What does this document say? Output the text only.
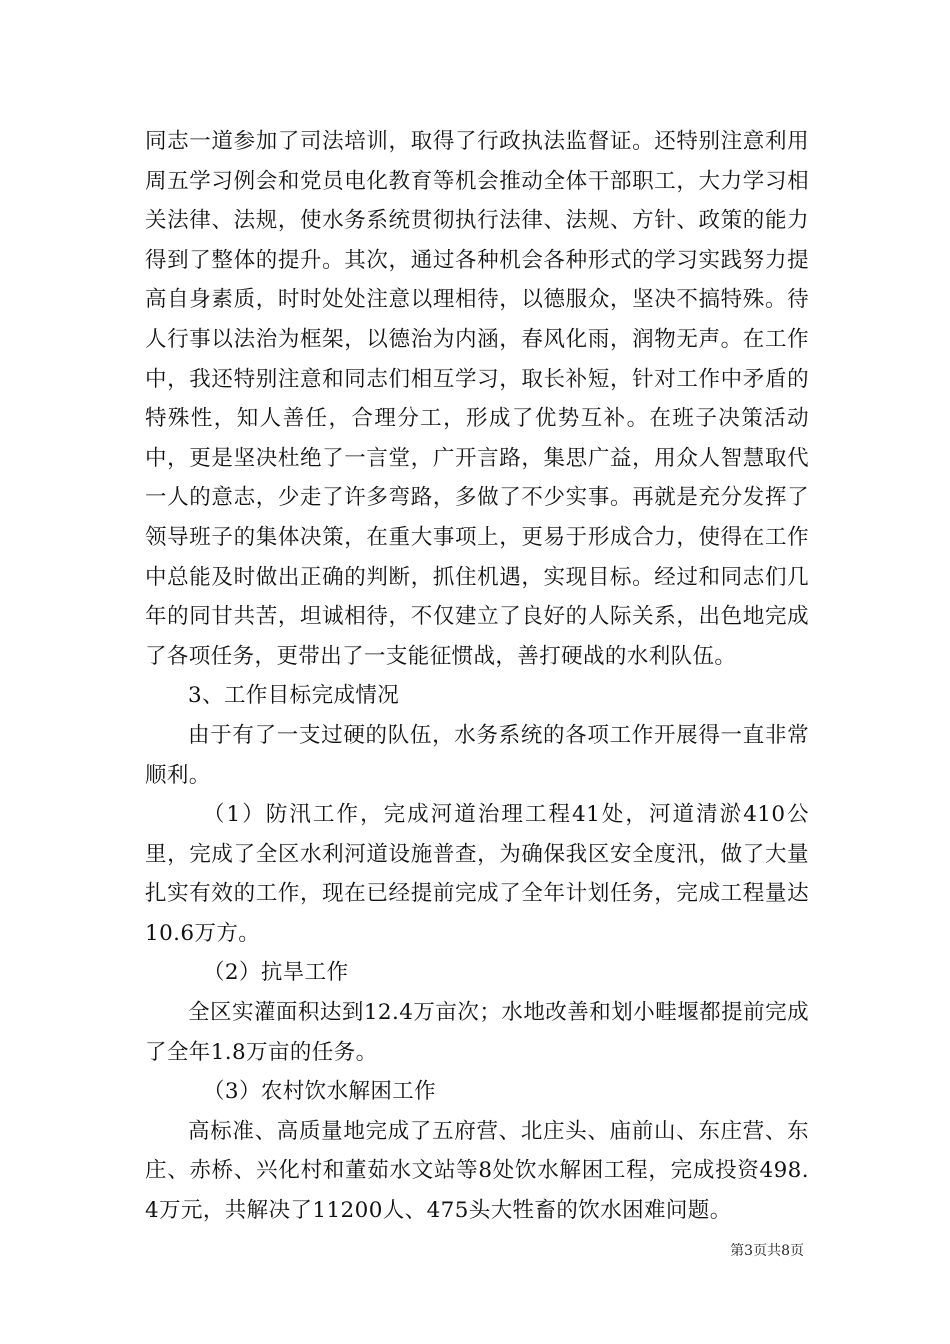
同志一道参加了司法培训，取得了行政执法监督证。还特别注意利用周五学习例会和党员电化教育等机会推动全体干部职工，大力学习相关法律、法规，使水务系统贯彻执行法律、法规、方针、政策的能力得到了整体的提升。其次，通过各种机会各种形式的学习实践努力提高自身素质，时时处处注意以理相待，以德服众，坚决不搞特殊。待人行事以法治为框架，以德治为内涵，春风化雨，润物无声。在工作中，我还特别注意和同志们相互学习，取长补短，针对工作中矛盾的特殊性，知人善任，合理分工，形成了优势互补。在班子决策活动中，更是坚决杜绝了一言堂，广开言路，集思广益，用众人智慧取代一人的意志，少走了许多弯路，多做了不少实事。再就是充分发挥了领导班子的集体决策，在重大事项上，更易于形成合力，使得在工作中总能及时做出正确的判断，抓住机遇，实现目标。经过和同志们几年的同甘共苦，坦诚相待，不仅建立了良好的人际关系，出色地完成了各项任务，更带出了一支能征惯战，善打硬战的水利队伍。

3、工作目标完成情况

由于有了一支过硬的队伍，水务系统的各项工作开展得一直非常顺利。

（1）防汛工作，完成河道治理工程41处，河道清淤410公里，完成了全区水利河道设施普查，为确保我区安全度汛，做了大量扎实有效的工作，现在已经提前完成了全年计划任务，完成工程量达10.6万方。

（2）抗旱工作

全区实灌面积达到12.4万亩次；水地改善和划小畦堰都提前完成了全年1.8万亩的任务。

（3）农村饮水解困工作

高标准、高质量地完成了五府营、北庄头、庙前山、东庄营、东庄、赤桥、兴化村和董茹水文站等8处饮水解困工程，完成投资498.4万元，共解决了11200人、475头大牲畜的饮水困难问题。

第3页共8页
